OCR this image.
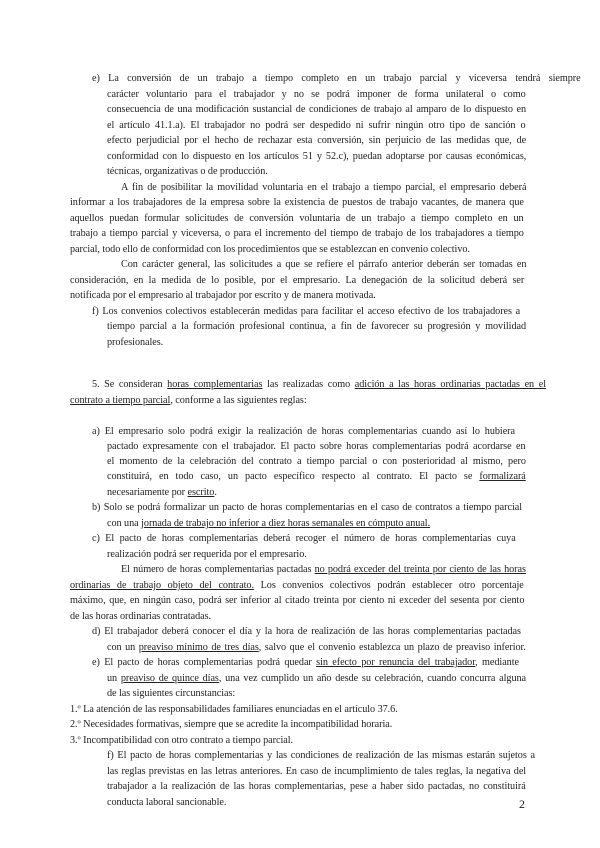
2
e) La conversión de un trabajo a tiempo completo en un trabajo parcial y viceversa tendrá siempre
carácter voluntario para el trabajador y no se podrá imponer de forma unilateral o como
consecuencia de una modificación sustancial de condiciones de trabajo al amparo de lo dispuesto en
el artículo 41.1.a). El trabajador no podrá ser despedido ni sufrir ningún otro tipo de sanción o
efecto perjudicial por el hecho de rechazar esta conversión, sin perjuicio de las medidas que, de
conformidad con lo dispuesto en los artículos 51 y 52.c), puedan adoptarse por causas económicas,
técnicas, organizativas o de producción.
A fin de posibilitar la movilidad voluntaria en el trabajo a tiempo parcial, el empresario deberá
informar a los trabajadores de la empresa sobre la existencia de puestos de trabajo vacantes, de manera que
aquellos puedan formular solicitudes de conversión voluntaria de un trabajo a tiempo completo en un
trabajo a tiempo parcial y viceversa, o para el incremento del tiempo de trabajo de los trabajadores a tiempo
parcial, todo ello de conformidad con los procedimientos que se establezcan en convenio colectivo.
Con carácter general, las solicitudes a que se refiere el párrafo anterior deberán ser tomadas en
consideración, en la medida de lo posible, por el empresario. La denegación de la solicitud deberá ser
notificada por el empresario al trabajador por escrito y de manera motivada.
f) Los convenios colectivos establecerán medidas para facilitar el acceso efectivo de los trabajadores a
tiempo parcial a la formación profesional continua, a fin de favorecer su progresión y movilidad
profesionales.
5. Se consideran horas complementarias las realizadas como adición a las horas ordinarias pactadas en el
contrato a tiempo parcial, conforme a las siguientes reglas:
a) El empresario solo podrá exigir la realización de horas complementarias cuando así lo hubiera
pactado expresamente con el trabajador. El pacto sobre horas complementarias podrá acordarse en
el momento de la celebración del contrato a tiempo parcial o con posterioridad al mismo, pero
constituirá, en todo caso, un pacto específico respecto al contrato. El pacto se formalizará
necesariamente por escrito.
b) Solo se podrá formalizar un pacto de horas complementarias en el caso de contratos a tiempo parcial
con una jornada de trabajo no inferior a diez horas semanales en cómputo anual.
c) El pacto de horas complementarias deberá recoger el número de horas complementarias cuya
realización podrá ser requerida por el empresario.
El número de horas complementarias pactadas no podrá exceder del treinta por ciento de las horas
ordinarias de trabajo objeto del contrato. Los convenios colectivos podrán establecer otro porcentaje
máximo, que, en ningún caso, podrá ser inferior al citado treinta por ciento ni exceder del sesenta por ciento
de las horas ordinarias contratadas.
d) El trabajador deberá conocer el día y la hora de realización de las horas complementarias pactadas
con un preaviso mínimo de tres días, salvo que el convenio establezca un plazo de preaviso inferior.
e) El pacto de horas complementarias podrá quedar sin efecto por renuncia del trabajador, mediante
un preaviso de quince días, una vez cumplido un año desde su celebración, cuando concurra alguna
de las siguientes circunstancias:
1.º La atención de las responsabilidades familiares enunciadas en el artículo 37.6.
2.º Necesidades formativas, siempre que se acredite la incompatibilidad horaria.
3.º Incompatibilidad con otro contrato a tiempo parcial.
f) El pacto de horas complementarias y las condiciones de realización de las mismas estarán sujetos a
las reglas previstas en las letras anteriores. En caso de incumplimiento de tales reglas, la negativa del
trabajador a la realización de las horas complementarias, pese a haber sido pactadas, no constituirá
conducta laboral sancionable.
